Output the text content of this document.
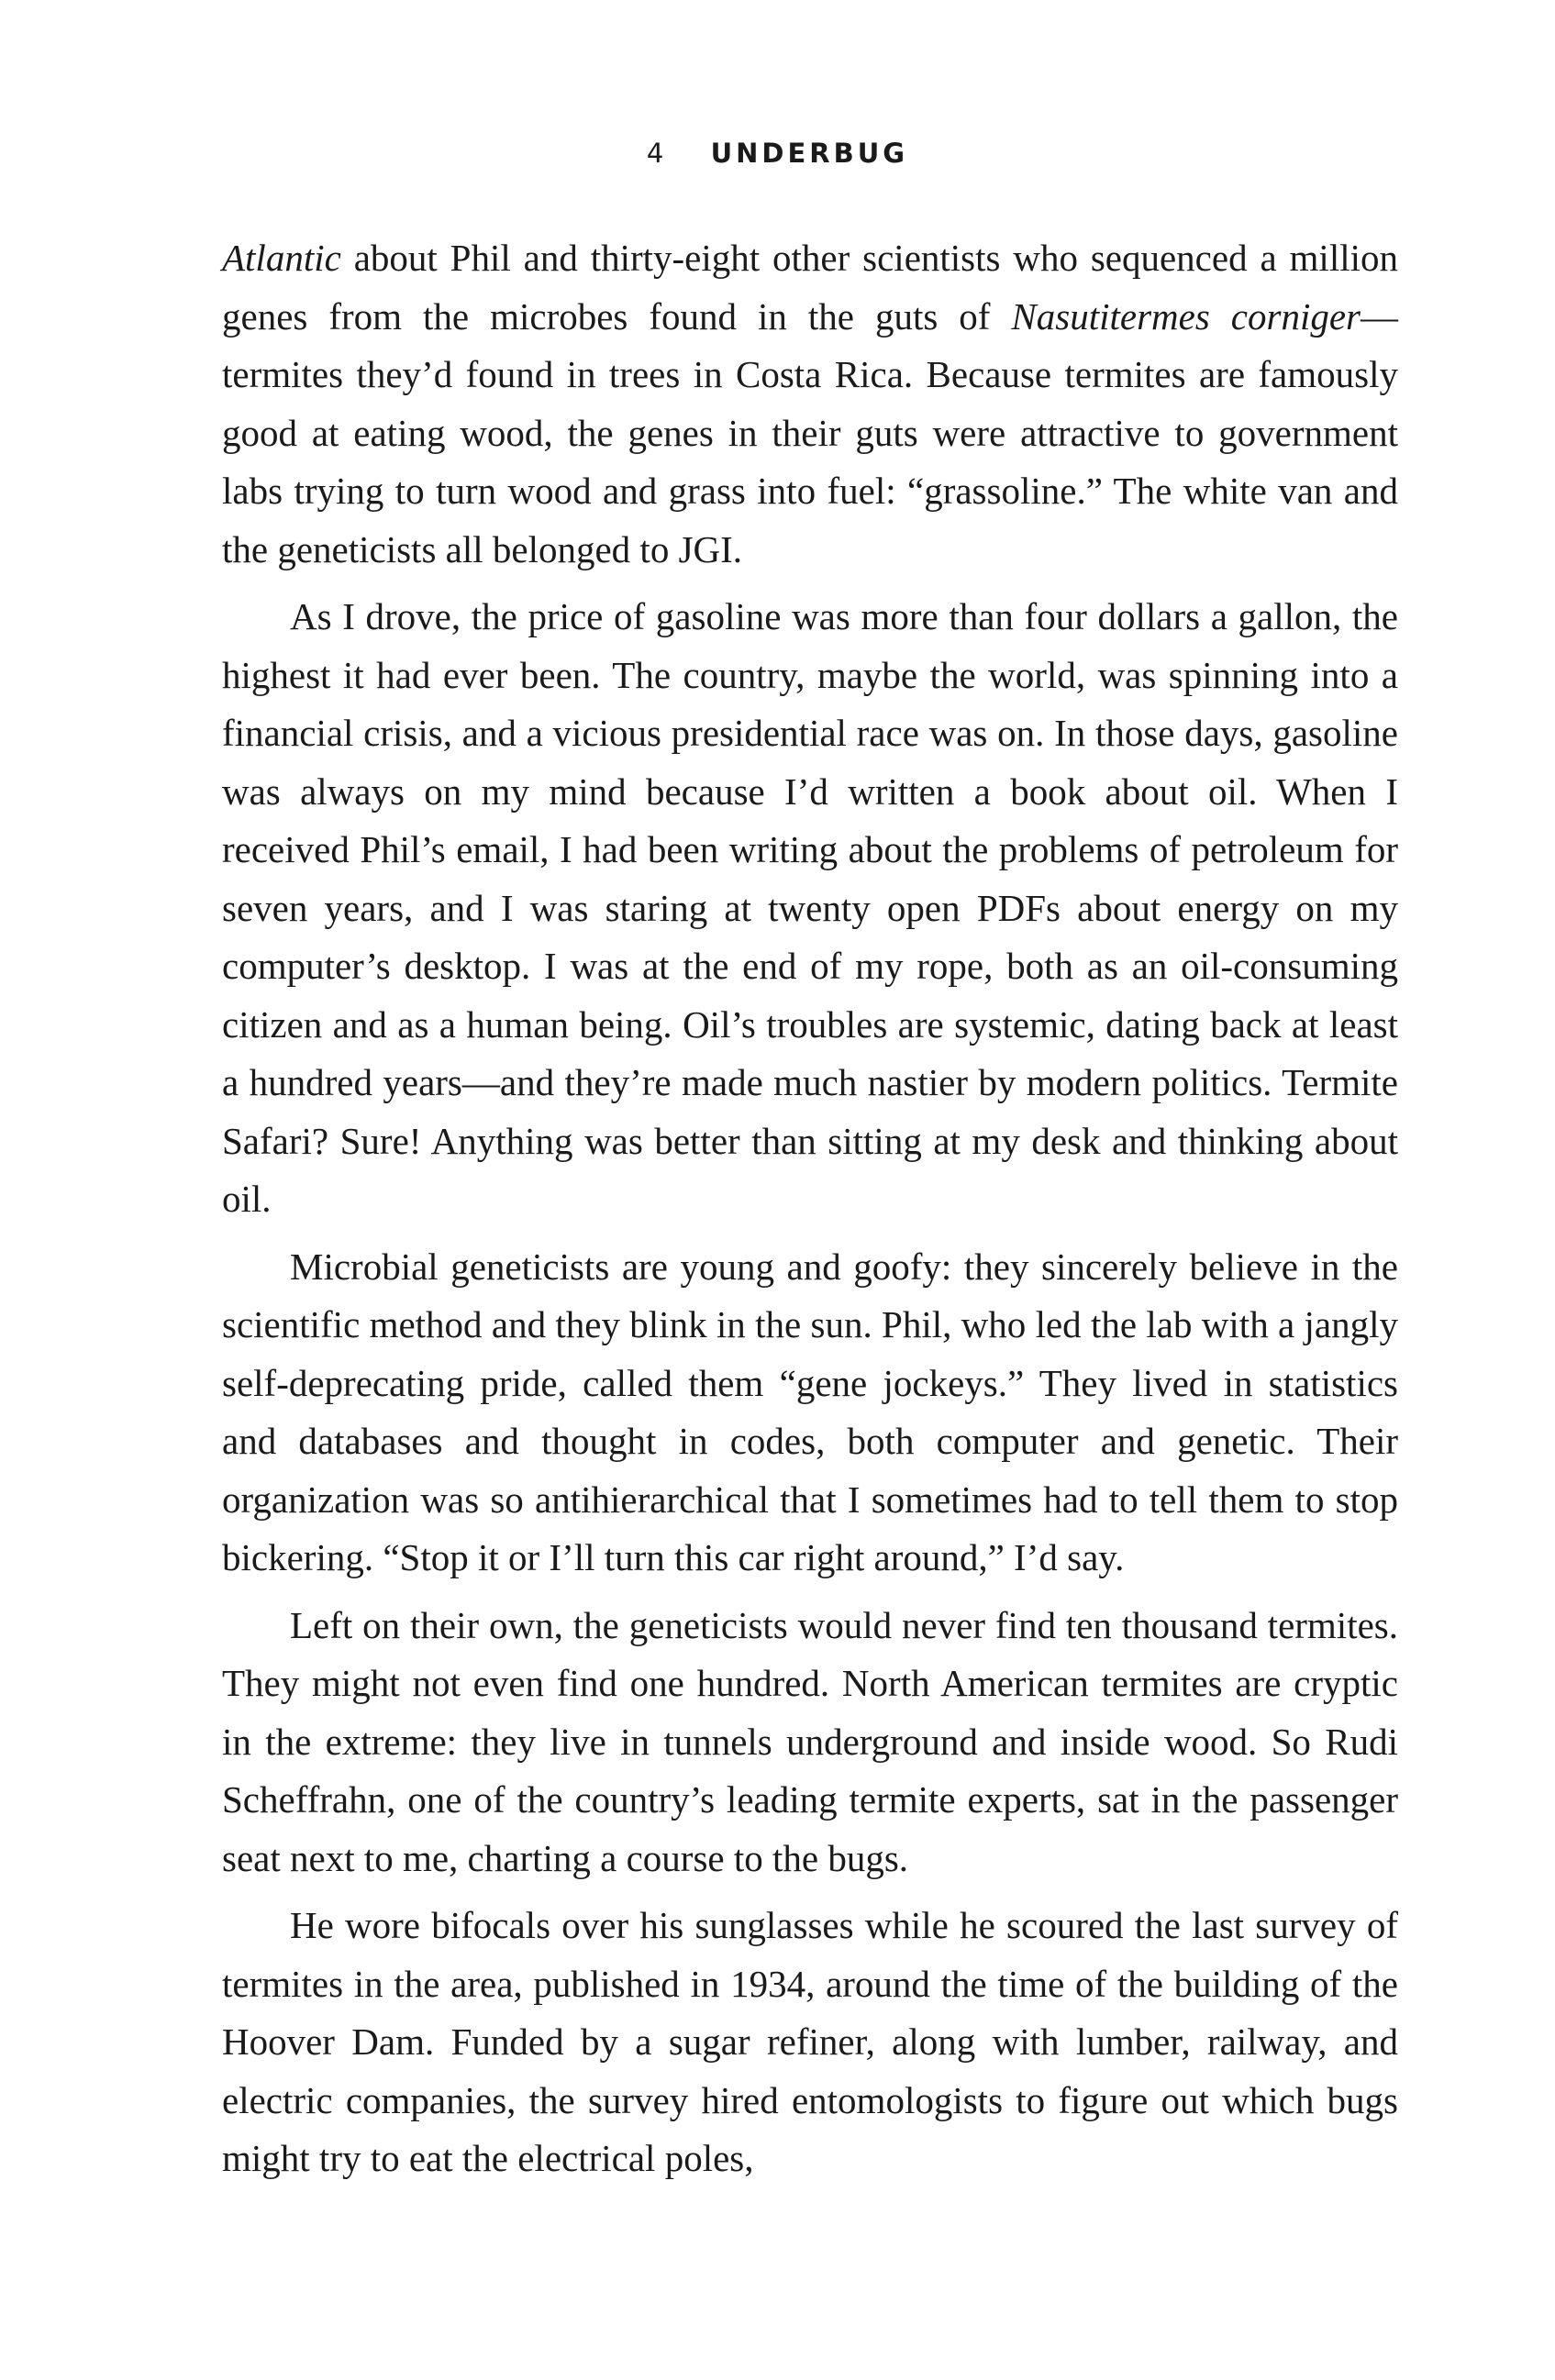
4 UNDERBUG

Atlantic about Phil and thirty-eight other scientists who sequenced a million genes from the microbes found in the guts of Nasutitermes corniger—termites they’d found in trees in Costa Rica. Because termites are famously good at eating wood, the genes in their guts were attractive to government labs trying to turn wood and grass into fuel: “grassoline.” The white van and the geneticists all belonged to JGI.

As I drove, the price of gasoline was more than four dollars a gallon, the highest it had ever been. The country, maybe the world, was spinning into a financial crisis, and a vicious presidential race was on. In those days, gasoline was always on my mind because I’d written a book about oil. When I received Phil’s email, I had been writing about the problems of petroleum for seven years, and I was staring at twenty open PDFs about energy on my computer’s desktop. I was at the end of my rope, both as an oil-consuming citizen and as a human being. Oil’s troubles are systemic, dating back at least a hundred years—and they’re made much nastier by modern politics. Termite Safari? Sure! Anything was better than sitting at my desk and thinking about oil.

Microbial geneticists are young and goofy: they sincerely believe in the scientific method and they blink in the sun. Phil, who led the lab with a jangly self-deprecating pride, called them “gene jockeys.” They lived in statistics and databases and thought in codes, both computer and genetic. Their organization was so antihierarchical that I sometimes had to tell them to stop bickering. “Stop it or I’ll turn this car right around,” I’d say.

Left on their own, the geneticists would never find ten thousand termites. They might not even find one hundred. North American termites are cryptic in the extreme: they live in tunnels underground and inside wood. So Rudi Scheffrahn, one of the country’s leading termite experts, sat in the passenger seat next to me, charting a course to the bugs.

He wore bifocals over his sunglasses while he scoured the last survey of termites in the area, published in 1934, around the time of the building of the Hoover Dam. Funded by a sugar refiner, along with lumber, railway, and electric companies, the survey hired entomologists to figure out which bugs might try to eat the electrical poles,
